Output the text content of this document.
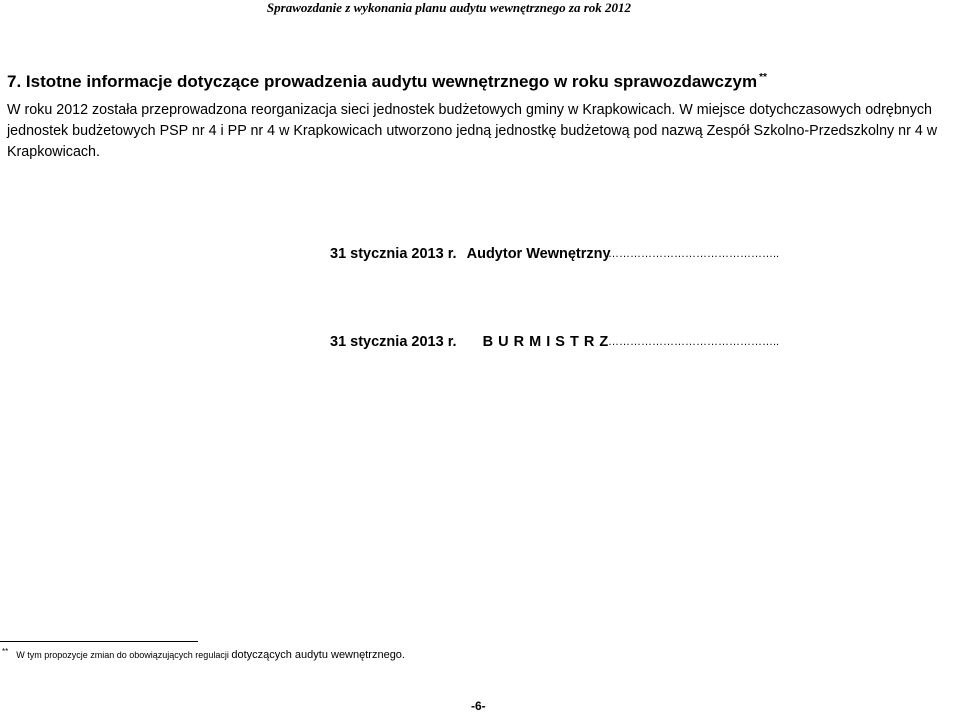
Sprawozdanie z wykonania planu audytu wewnętrznego za rok 2012
7. Istotne informacje dotyczące prowadzenia audytu wewnętrznego w roku sprawozdawczym **

W roku 2012 została przeprowadzona reorganizacja sieci jednostek budżetowych gminy w Krapkowicach. W miejsce dotychczasowych odrębnych jednostek budżetowych PSP nr 4 i PP nr 4 w Krapkowicach utworzono jedną jednostkę budżetową pod nazwą Zespół Szkolno-Przedszkolny nr 4 w Krapkowicach.

31 stycznia 2013 r. Audytor Wewnętrzny
………………………………………..
31 stycznia 2013 r. B U R M I S T R Z ………………………………………..
** W tym propozycje zmian do obowiązujących regulacji dotyczących audytu wewnętrznego.
-6-
